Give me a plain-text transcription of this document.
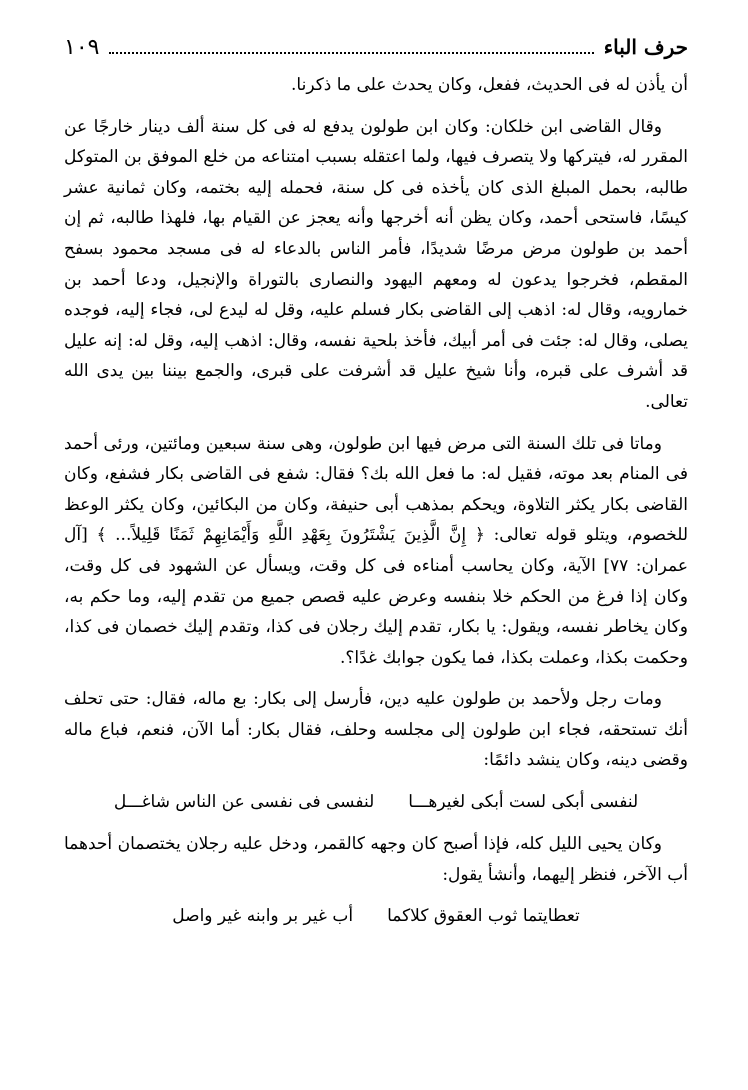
حرف الباء
١٠٩

أن يأذن له فى الحديث، ففعل، وكان يحدث على ما ذكرنا.

وقال القاضى ابن خلكان: وكان ابن طولون يدفع له فى كل سنة ألف دينار خارجًا عن المقرر له، فيتركها ولا يتصرف فيها، ولما اعتقله بسبب امتناعه من خلع الموفق بن المتوكل طالبه، بحمل المبلغ الذى كان يأخذه فى كل سنة، فحمله إليه بختمه، وكان ثمانية عشر كيسًا، فاستحى أحمد، وكان يظن أنه أخرجها وأنه يعجز عن القيام بها، فلهذا طالبه، ثم إن أحمد بن طولون مرض مرضًا شديدًا، فأمر الناس بالدعاء له فى مسجد محمود بسفح المقطم، فخرجوا يدعون له ومعهم اليهود والنصارى بالتوراة والإنجيل، ودعا أحمد بن خمارويه، وقال له: اذهب إلى القاضى بكار فسلم عليه، وقل له ليدع لى، فجاء إليه، فوجده يصلى، وقال له: جئت فى أمر أبيك، فأخذ بلحية نفسه، وقال: اذهب إليه، وقل له: إنه عليل قد أشرف على قبره، وأنا شيخ عليل قد أشرفت على قبرى، والجمع بيننا بين يدى الله تعالى.

وماتا فى تلك السنة التى مرض فيها ابن طولون، وهى سنة سبعين ومائتين، ورئى أحمد فى المنام بعد موته، فقيل له: ما فعل الله بك؟ فقال: شفع فى القاضى بكار فشفع، وكان القاضى بكار يكثر التلاوة، ويحكم بمذهب أبى حنيفة، وكان من البكائين، وكان يكثر الوعظ للخصوم، ويتلو قوله تعالى: ﴿ إِنَّ الَّذِينَ يَشْتَرُونَ بِعَهْدِ اللَّهِ وَأَيْمَانِهِمْ ثَمَنًا قَلِيلاً... ﴾ [آل عمران: ٧٧] الآية، وكان يحاسب أمناءه فى كل وقت، ويسأل عن الشهود فى كل وقت، وكان إذا فرغ من الحكم خلا بنفسه وعرض عليه قصص جميع من تقدم إليه، وما حكم به، وكان يخاطر نفسه، ويقول: يا بكار، تقدم إليك رجلان فى كذا، وتقدم إليك خصمان فى كذا، وحكمت بكذا، وعملت بكذا، فما يكون جوابك غدًا؟.

ومات رجل ولأحمد بن طولون عليه دين، فأرسل إلى بكار: بع ماله، فقال: حتى تحلف أنك تستحقه، فجاء ابن طولون إلى مجلسه وحلف، فقال بكار: أما الآن، فنعم، فباع ماله وقضى دينه، وكان ينشد دائمًا:

لنفسى أبكى لست أبكى لغيرهـــا
لنفسى فى نفسى عن الناس شاغـــل

وكان يحيى الليل كله، فإذا أصبح كان وجهه كالقمر، ودخل عليه رجلان يختصمان أحدهما أب الآخر، فنظر إليهما، وأنشأ يقول:

تعطايتما ثوب العقوق كلاكما
أب غير بر وابنه غير واصل
